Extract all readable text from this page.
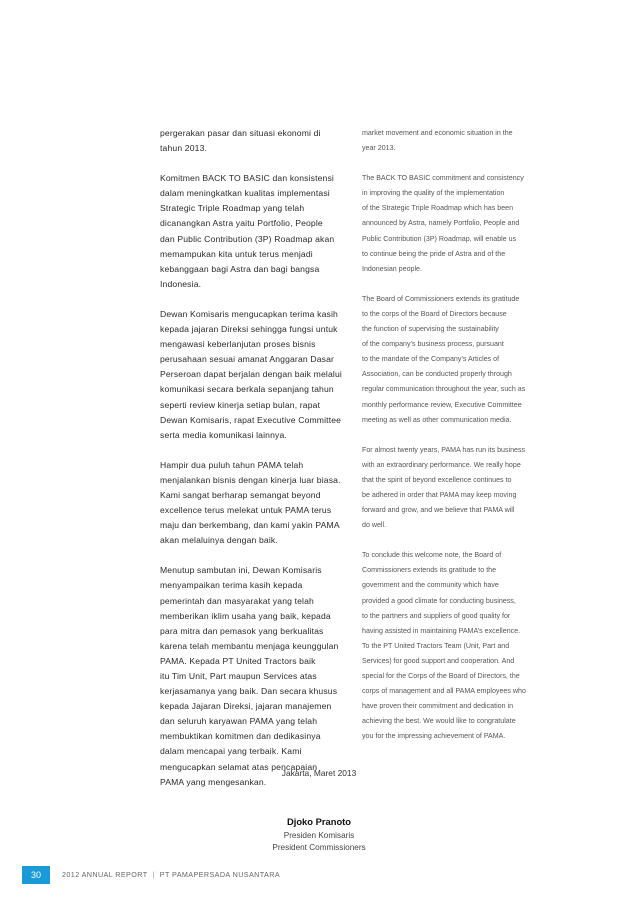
pergerakan pasar dan situasi ekonomi di
tahun 2013.

Komitmen BACK TO BASIC dan konsistensi
dalam meningkatkan kualitas implementasi
Strategic Triple Roadmap yang telah
dicanangkan Astra yaitu Portfolio, People
dan Public Contribution (3P) Roadmap akan
memampukan kita untuk terus menjadi
kebanggaan bagi Astra dan bagi bangsa
Indonesia.

Dewan Komisaris mengucapkan terima kasih
kepada jajaran Direksi sehingga fungsi untuk
mengawasi keberlanjutan proses bisnis
perusahaan sesuai amanat Anggaran Dasar
Perseroan dapat berjalan dengan baik melalui
komunikasi secara berkala sepanjang tahun
seperti review kinerja setiap bulan, rapat
Dewan Komisaris, rapat Executive Committee
serta media komunikasi lainnya.

Hampir dua puluh tahun PAMA telah
menjalankan bisnis dengan kinerja luar biasa.
Kami sangat berharap semangat beyond
excellence terus melekat untuk PAMA terus
maju dan berkembang, dan kami yakin PAMA
akan melaluinya dengan baik.

Menutup sambutan ini, Dewan Komisaris
menyampaikan terima kasih kepada
pemerintah dan masyarakat yang telah
memberikan iklim usaha yang baik, kepada
para mitra dan pemasok yang berkualitas
karena telah membantu menjaga keunggulan
PAMA. Kepada PT United Tractors baik
itu Tim Unit, Part maupun Services atas
kerjasamanya yang baik. Dan secara khusus
kepada Jajaran Direksi, jajaran manajemen
dan seluruh karyawan PAMA yang telah
membuktikan komitmen dan dedikasinya
dalam mencapai yang terbaik. Kami
mengucapkan selamat atas pencapaian
PAMA yang mengesankan.

market movement and economic situation in the
year 2013.

The BACK TO BASIC commitment and consistency
in improving the quality of the implementation
of the Strategic Triple Roadmap which has been
announced by Astra, namely Portfolio, People and
Public Contribution (3P) Roadmap, will enable us
to continue being the pride of Astra and of the
Indonesian people.

The Board of Commissioners extends its gratitude
to the corps of the Board of Directors because
the function of supervising the sustainability
of the company’s business process, pursuant
to the mandate of the Company’s Articles of
Association, can be conducted properly through
regular communication throughout the year, such as
monthly performance review, Executive Committee
meeting as well as other communication media.

For almost twenty years, PAMA has run its business
with an extraordinary performance. We really hope
that the spirit of beyond excellence continues to
be adhered in order that PAMA may keep moving
forward and grow, and we believe that PAMA will
do well.

To conclude this welcome note, the Board of
Commissioners extends its gratitude to the
government and the community which have
provided a good climate for conducting business,
to the partners and suppliers of good quality for
having assisted in maintaining PAMA’s excellence.
To the PT United Tractors Team (Unit, Part and
Services) for good support and cooperation. And
special for the Corps of the Board of Directors, the
corps of management and all PAMA employees who
have proven their commitment and dedication in
achieving the best. We would like to congratulate
you for the impressing achievement of PAMA.

Jakarta, Maret 2013
Djoko Pranoto
Presiden Komisaris
President Commissioners
30	2012 ANNUAL REPORT | PT PAMAPERSADA NUSANTARA
